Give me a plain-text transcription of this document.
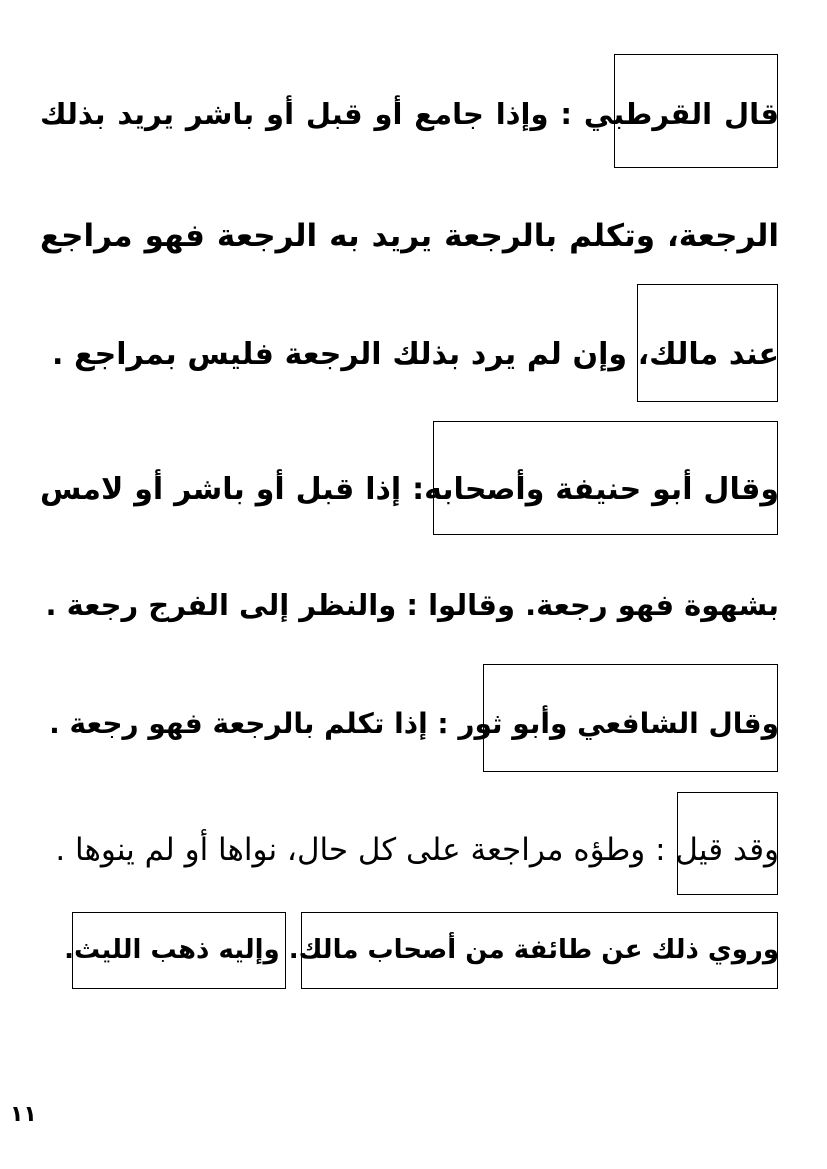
قال القرطبي : وإذا جامع أو قبل أو باشر يريد بذلك
الرجعة، وتكلم بالرجعة يريد به الرجعة فهو مراجع
عند مالك، وإن لم يرد بذلك الرجعة فليس بمراجع .
وقال أبو حنيفة وأصحابه: إذا قبل أو باشر أو لامس
بشهوة فهو رجعة. وقالوا : والنظر إلى الفرج رجعة .
وقال الشافعي وأبو ثور : إذا تكلم بالرجعة فهو رجعة .
وقد قيل : وطؤه مراجعة على كل حال، نواها أو لم ينوها .
وروي ذلك عن طائفة من أصحاب مالك. وإليه ذهب الليث.
١١
